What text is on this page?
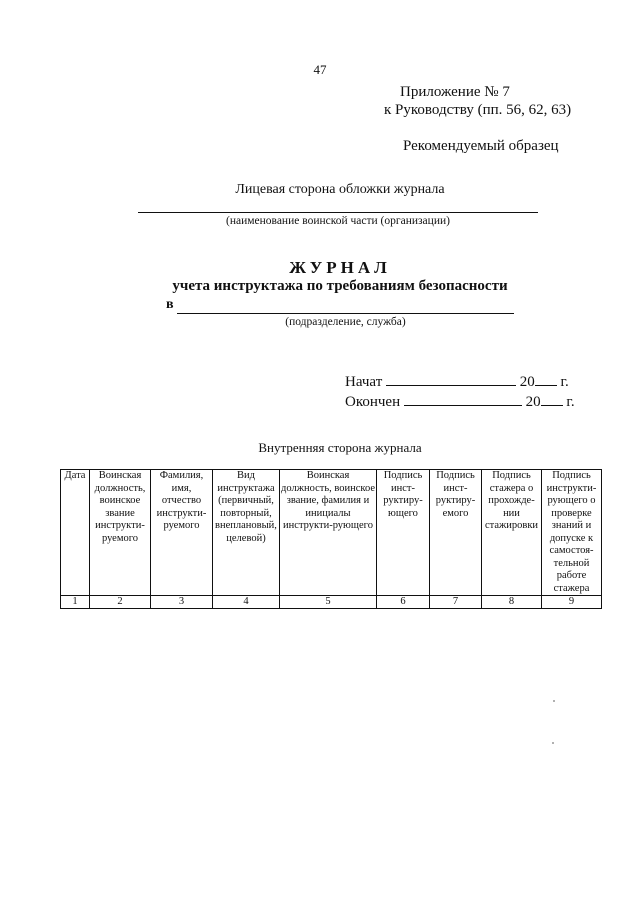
47
Приложение № 7
к Руководству (пп. 56, 62, 63)
Рекомендуемый образец
Лицевая сторона обложки журнала
(наименование воинской части (организации)
ЖУРНАЛ
учета инструктажа по требованиям безопасности
в
(подразделение, служба)
Начат	20 г.
Окончен	20 г.
Внутренняя сторона журнала
Дата	Воинская должность, воинское звание инструкти-руемого	Фамилия, имя, отчество инструкти-руемого	Вид инструктажа (первичный, повторный, внеплановый, целевой)	Воинская должность, воинское звание, фамилия и инициалы инструкти-рующего	Подпись инст-руктиру-ющего	Подпись инст-руктиру-емого	Подпись стажера о прохожде-нии стажировки	Подпись инструкти-рующего о проверке знаний и допуске к самостоя-тельной работе стажера
1	2	3	4	5	6	7	8	9
